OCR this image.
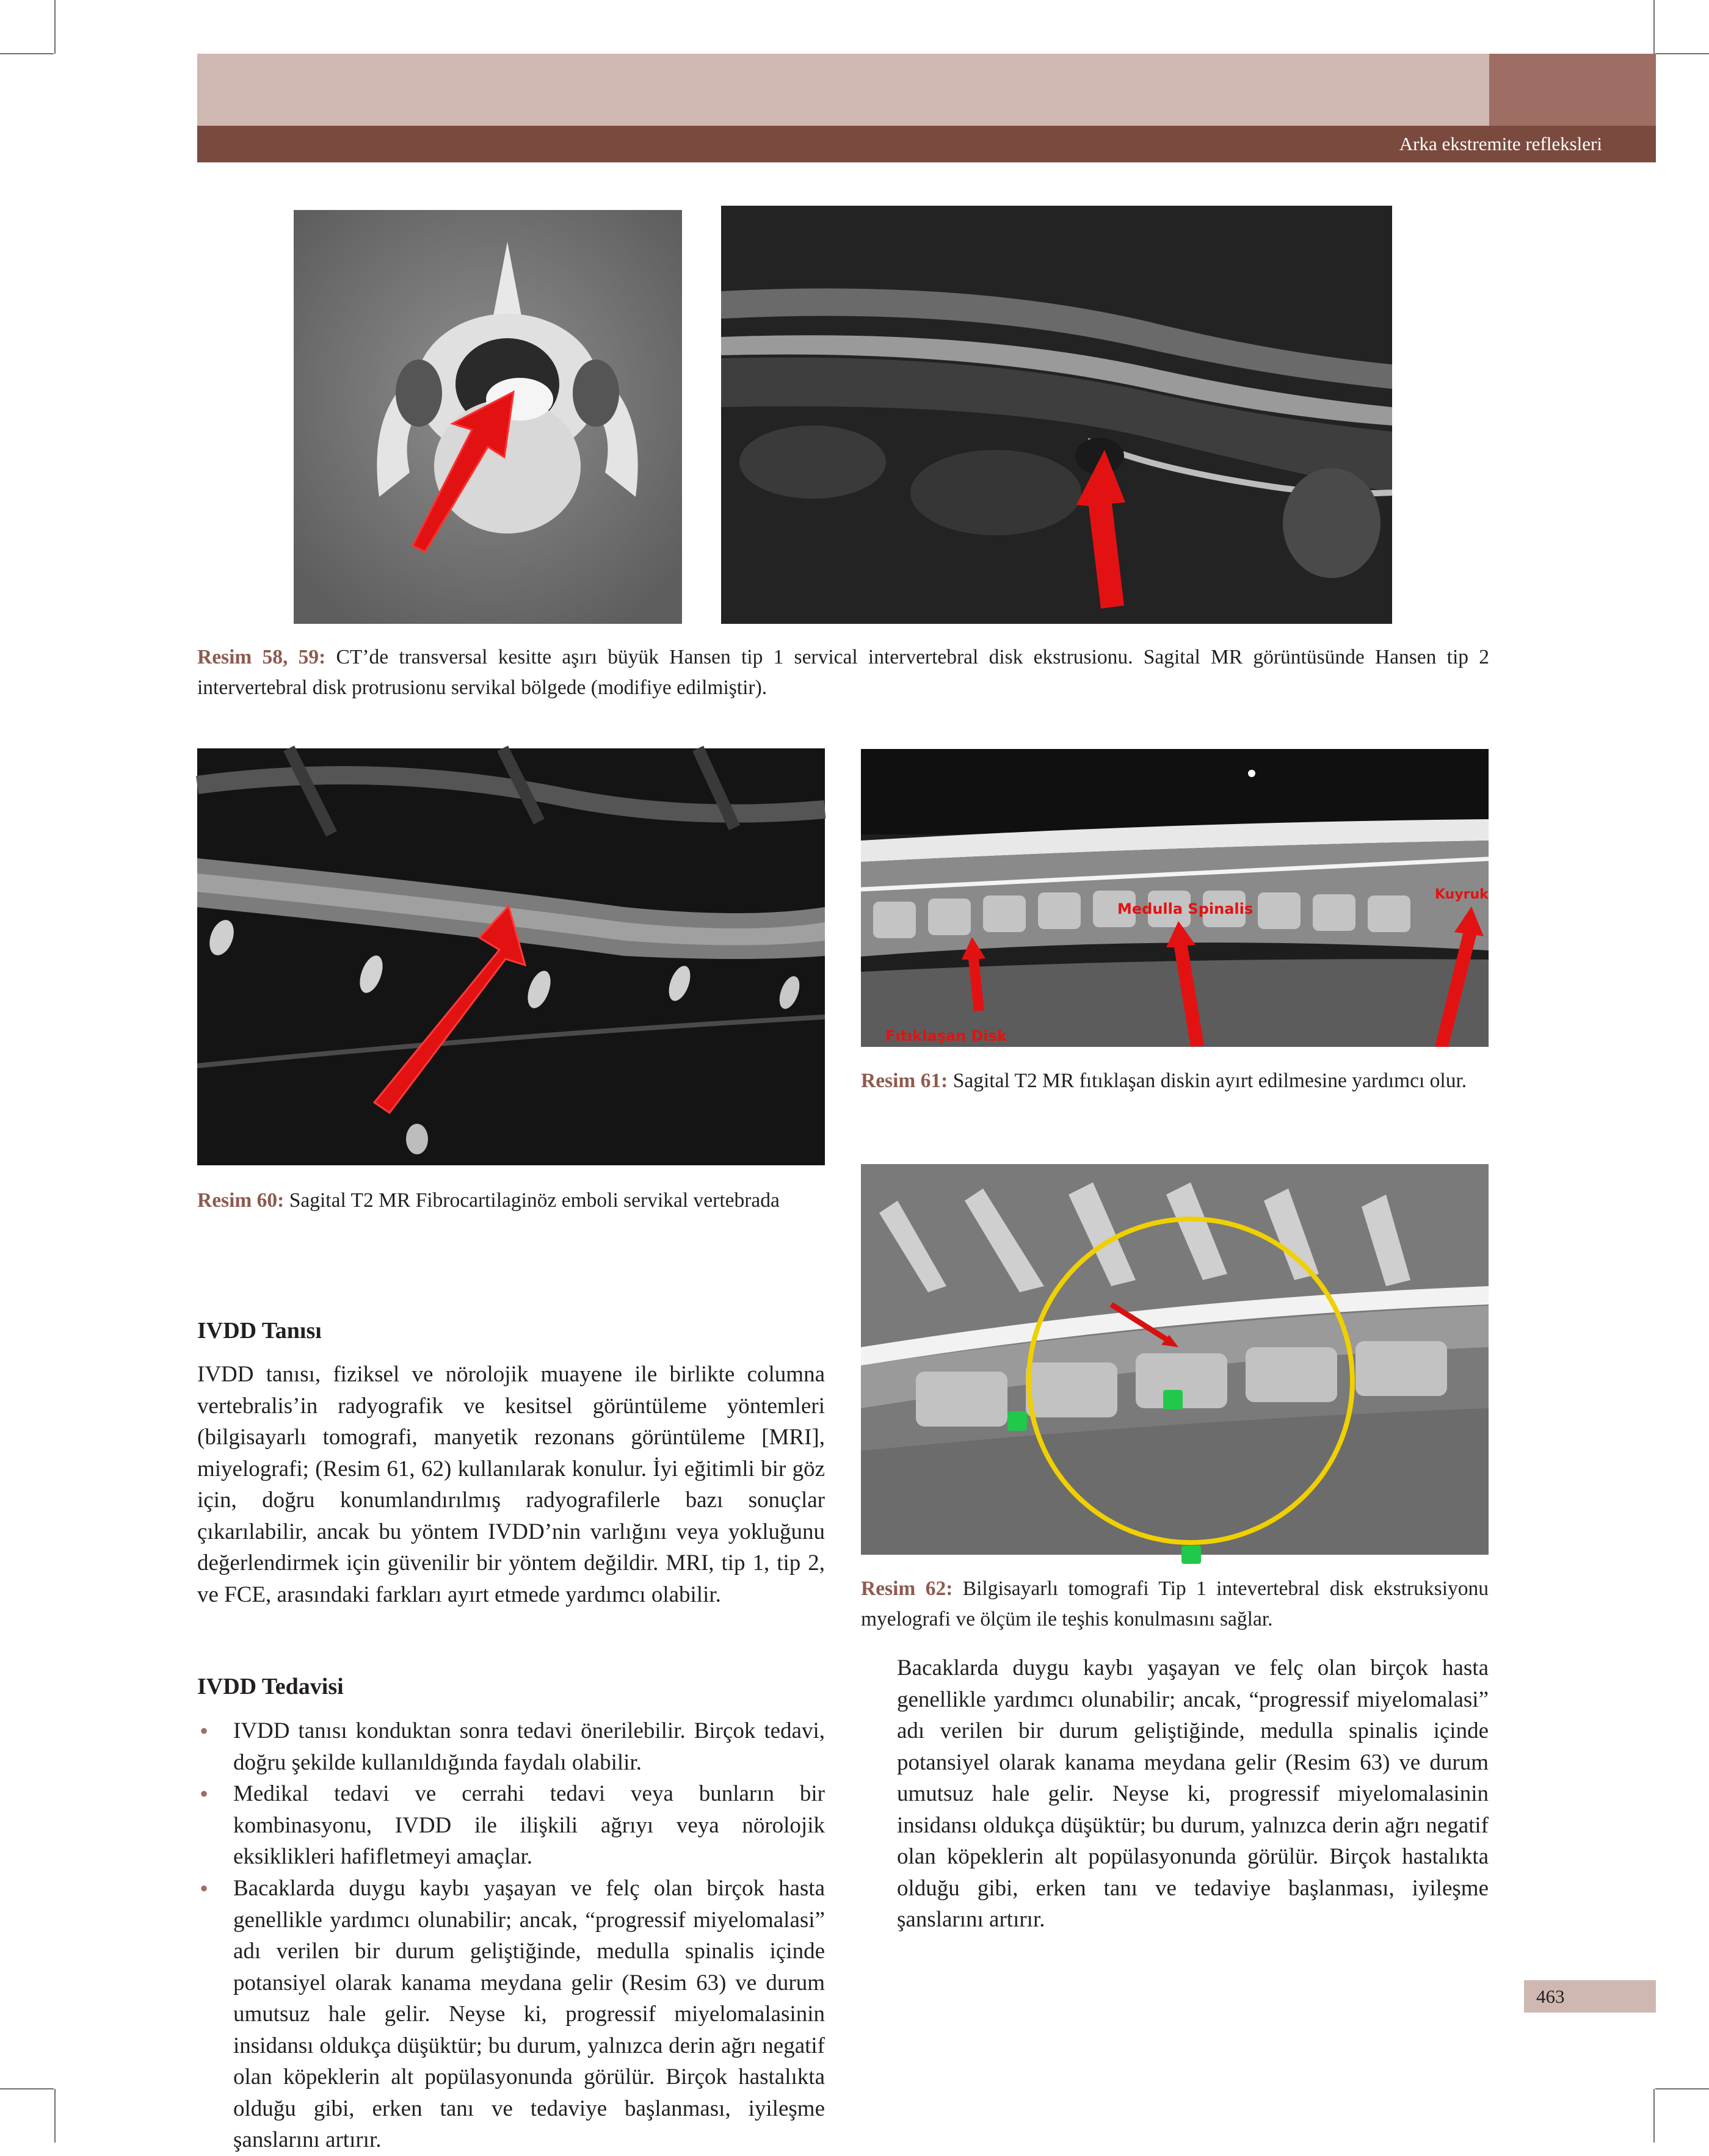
Arka ekstremite refleksleri
Resim 58, 59: CT’de transversal kesitte aşırı büyük Hansen tip 1 servical intervertebral disk ekstrusionu. Sagital MR görüntüsünde Hansen tip 2 intervertebral disk protrusionu servikal bölgede (modifiye edilmiştir).
Resim 60: Sagital T2 MR Fibrocartilaginöz emboli servikal vertebrada
Medulla Spinalis
Kuyruk
Fıtıklaşan Disk
Resim 61: Sagital T2 MR fıtıklaşan diskin ayırt edilmesine yardımcı olur.
Resim 62: Bilgisayarlı tomografi Tip 1 intevertebral disk ekstruksiyonu myelografi ve ölçüm ile teşhis konulmasını sağlar.
IVDD Tanısı
IVDD tanısı, fiziksel ve nörolojik muayene ile birlikte columna vertebralis’in radyografik ve kesitsel görüntüleme yöntemleri (bilgisayarlı tomografi, manyetik rezonans görüntüleme [MRI], miyelografi; (Resim 61, 62) kullanılarak konulur. İyi eğitimli bir göz için, doğru konumlandırılmış radyografilerle bazı sonuçlar çıkarılabilir, ancak bu yöntem IVDD’nin varlığını veya yokluğunu değerlendirmek için güvenilir bir yöntem değildir. MRI, tip 1, tip 2, ve FCE, arasındaki farkları ayırt etmede yardımcı olabilir.
IVDD Tedavisi
• IVDD tanısı konduktan sonra tedavi önerilebilir. Birçok tedavi, doğru şekilde kullanıldığında faydalı olabilir.
• Medikal tedavi ve cerrahi tedavi veya bunların bir kombinasyonu, IVDD ile ilişkili ağrıyı veya nörolojik eksiklikleri hafifletmeyi amaçlar.
• Bacaklarda duygu kaybı yaşayan ve felç olan birçok hasta genellikle yardımcı olunabilir; ancak, “progressif miyelomalasi” adı verilen bir durum geliştiğinde, medulla spinalis içinde potansiyel olarak kanama meydana gelir (Resim 63) ve durum umutsuz hale gelir. Neyse ki, progressif miyelomalasinin insidansı oldukça düşüktür; bu durum, yalnızca derin ağrı negatif olan köpeklerin alt popülasyonunda görülür. Birçok hastalıkta olduğu gibi, erken tanı ve tedaviye başlanması, iyileşme şanslarını artırır.
Bacaklarda duygu kaybı yaşayan ve felç olan birçok hasta genellikle yardımcı olunabilir; ancak, “progressif miyelomalasi” adı verilen bir durum geliştiğinde, medulla spinalis içinde potansiyel olarak kanama meydana gelir (Resim 63) ve durum umutsuz hale gelir. Neyse ki, progressif miyelomalasinin insidansı oldukça düşüktür; bu durum, yalnızca derin ağrı negatif olan köpeklerin alt popülasyonunda görülür. Birçok hastalıkta olduğu gibi, erken tanı ve tedaviye başlanması, iyileşme şanslarını artırır.
463
